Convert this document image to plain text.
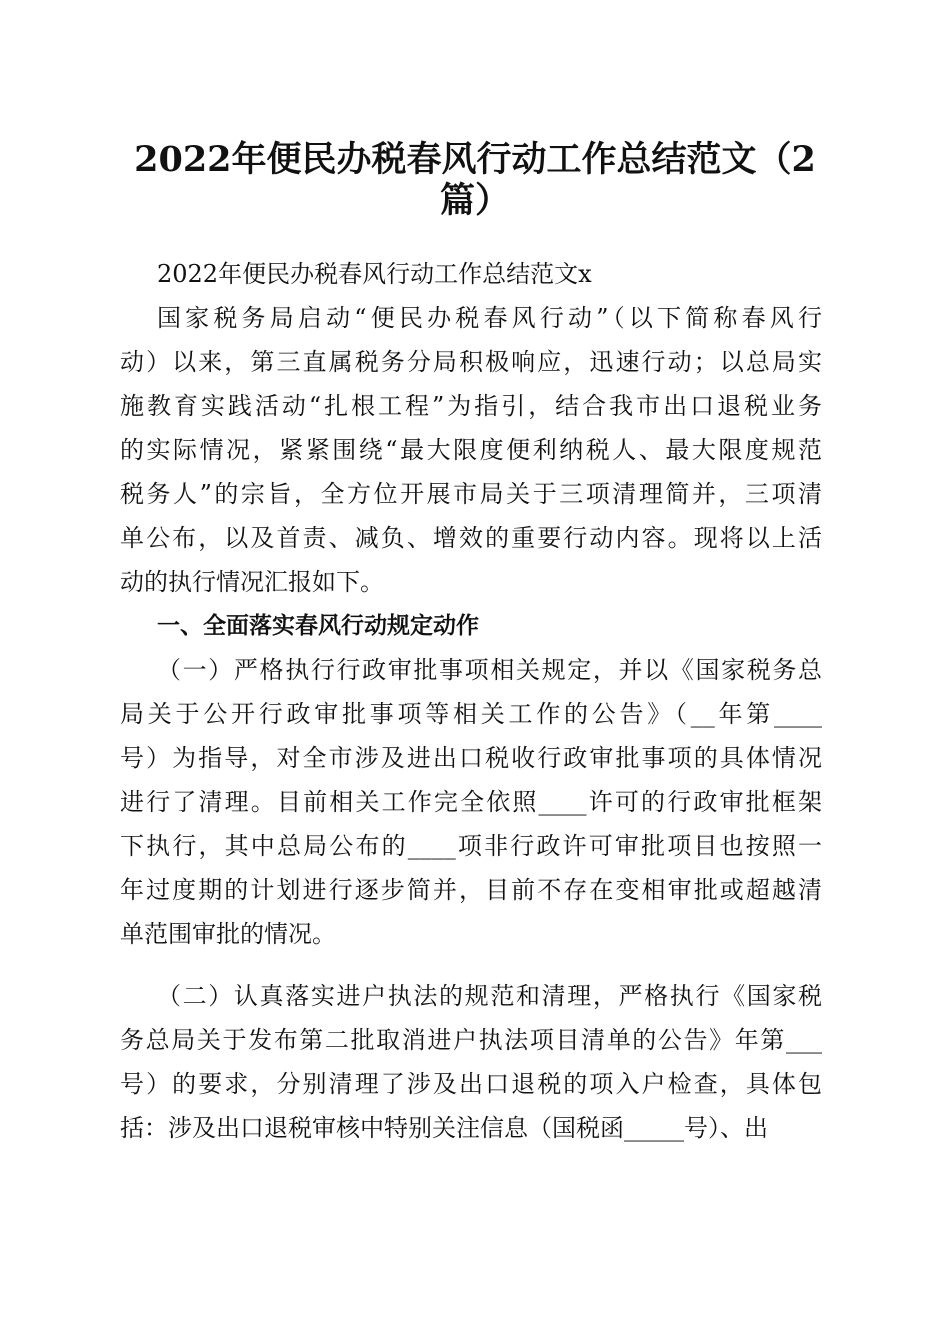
2022年便民办税春风行动工作总结范文（2
篇）
2022年便民办税春风行动工作总结范文x
国家税务局启动“便民办税春风行动”（以下简称春风行
动）以来，第三直属税务分局积极响应，迅速行动；以总局实
施教育实践活动“扎根工程”为指引，结合我市出口退税业务
的实际情况，紧紧围绕“最大限度便利纳税人、最大限度规范
税务人”的宗旨，全方位开展市局关于三项清理简并，三项清
单公布，以及首责、减负、增效的重要行动内容。现将以上活
动的执行情况汇报如下。
一、全面落实春风行动规定动作
（一）严格执行行政审批事项相关规定，并以《国家税务总
局关于公开行政审批事项等相关工作的公告》（__年第____
号）为指导，对全市涉及进出口税收行政审批事项的具体情况
进行了清理。目前相关工作完全依照____许可的行政审批框架
下执行，其中总局公布的____项非行政许可审批项目也按照一
年过度期的计划进行逐步简并，目前不存在变相审批或超越清
单范围审批的情况。
（二）认真落实进户执法的规范和清理，严格执行《国家税
务总局关于发布第二批取消进户执法项目清单的公告》年第___
号）的要求，分别清理了涉及出口退税的项入户检查，具体包
括：涉及出口退税审核中特别关注信息（国税函_____号）、出
